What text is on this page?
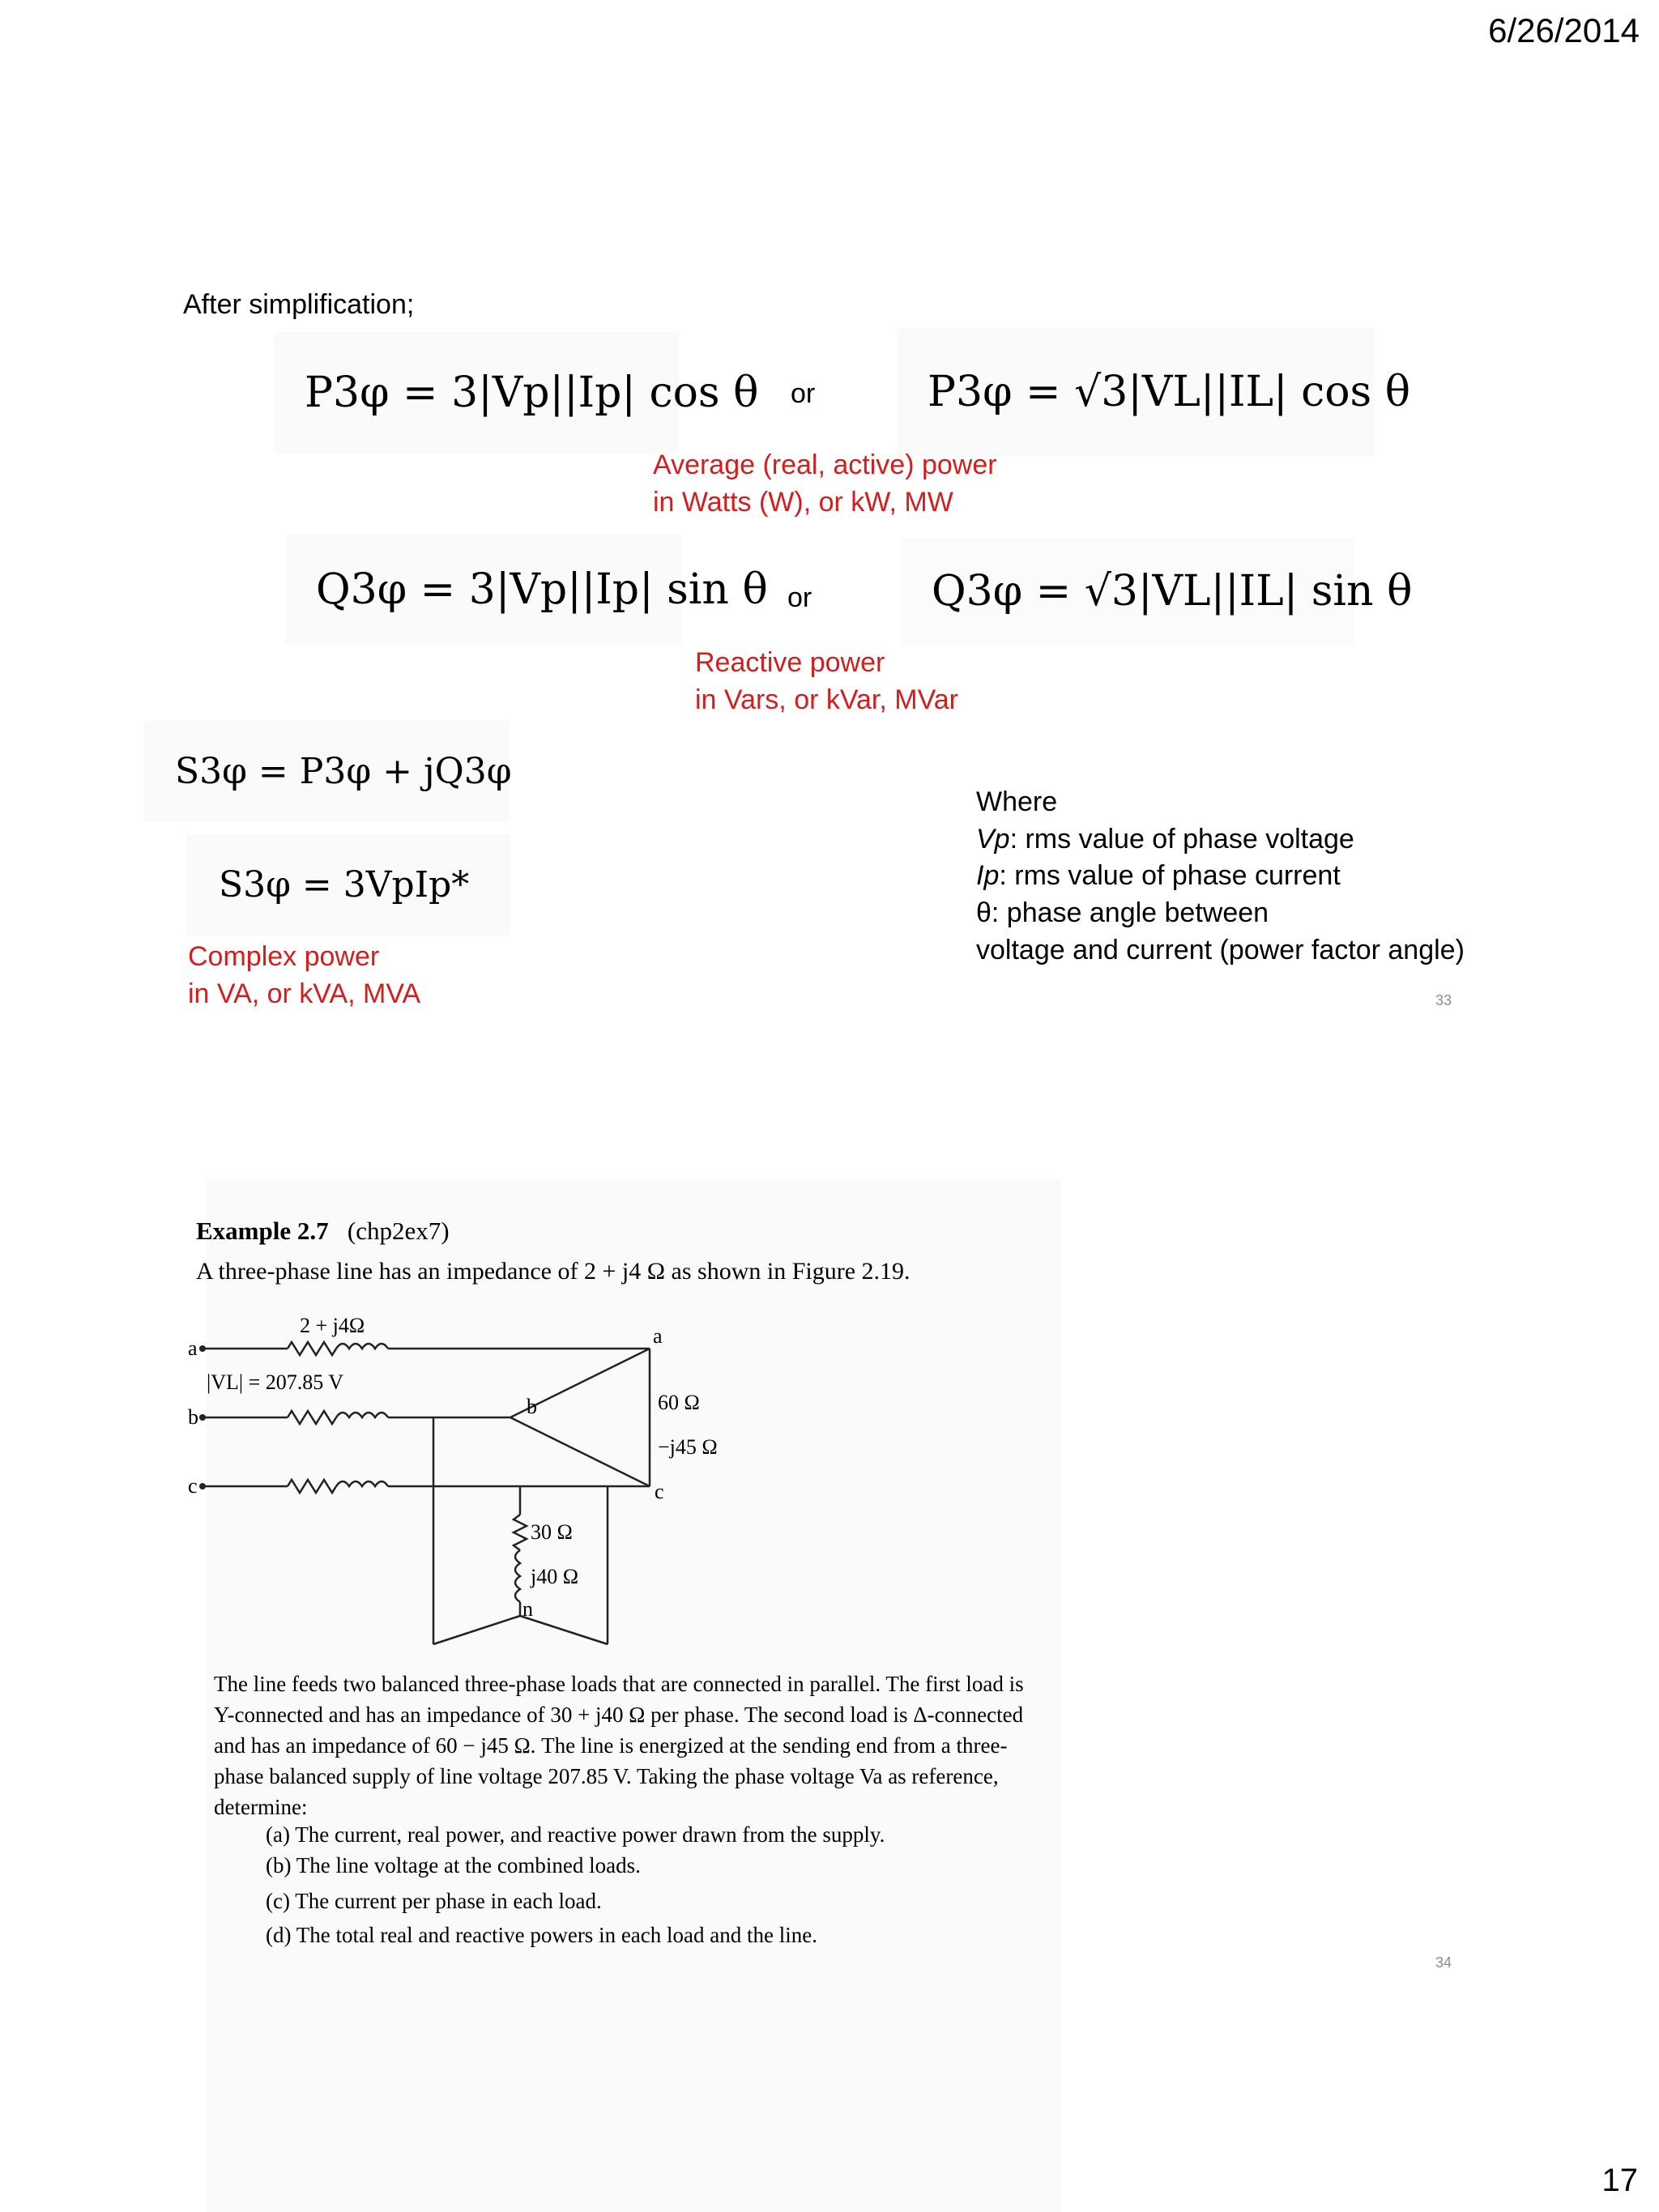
6/26/2014
17
After simplification;
P3φ = 3|Vp||Ip| cos θ or	P3φ = √3|VL||IL| cos θ
Average (real, active) power
in Watts (W), or kW, MW
Q3φ = 3|Vp||Ip| sin θ or	Q3φ = √3|VL||IL| sin θ
Reactive power
in Vars, or kVar, MVar
S3φ = P3φ + jQ3φ
S3φ = 3VpIp*
Complex power
in VA, or kVA, MVA
Where
Vp: rms value of phase voltage
Ip: rms value of phase current
θ: phase angle between
voltage and current (power factor angle)
33
Example 2.7 (chp2ex7)
A three-phase line has an impedance of 2 + j4 Ω as shown in Figure 2.19.
2 + j4Ω
a
b
c
|VL| = 207.85 V
a
b
c
60 Ω
−j45 Ω
30 Ω
j40 Ω
n
The line feeds two balanced three-phase loads that are connected in parallel. The first load is Y-connected and has an impedance of 30 + j40 Ω per phase. The second load is Δ-connected and has an impedance of 60 − j45 Ω. The line is energized at the sending end from a three-phase balanced supply of line voltage 207.85 V. Taking the phase voltage Va as reference, determine:
(a) The current, real power, and reactive power drawn from the supply.
(b) The line voltage at the combined loads.
(c) The current per phase in each load.
(d) The total real and reactive powers in each load and the line.
34
